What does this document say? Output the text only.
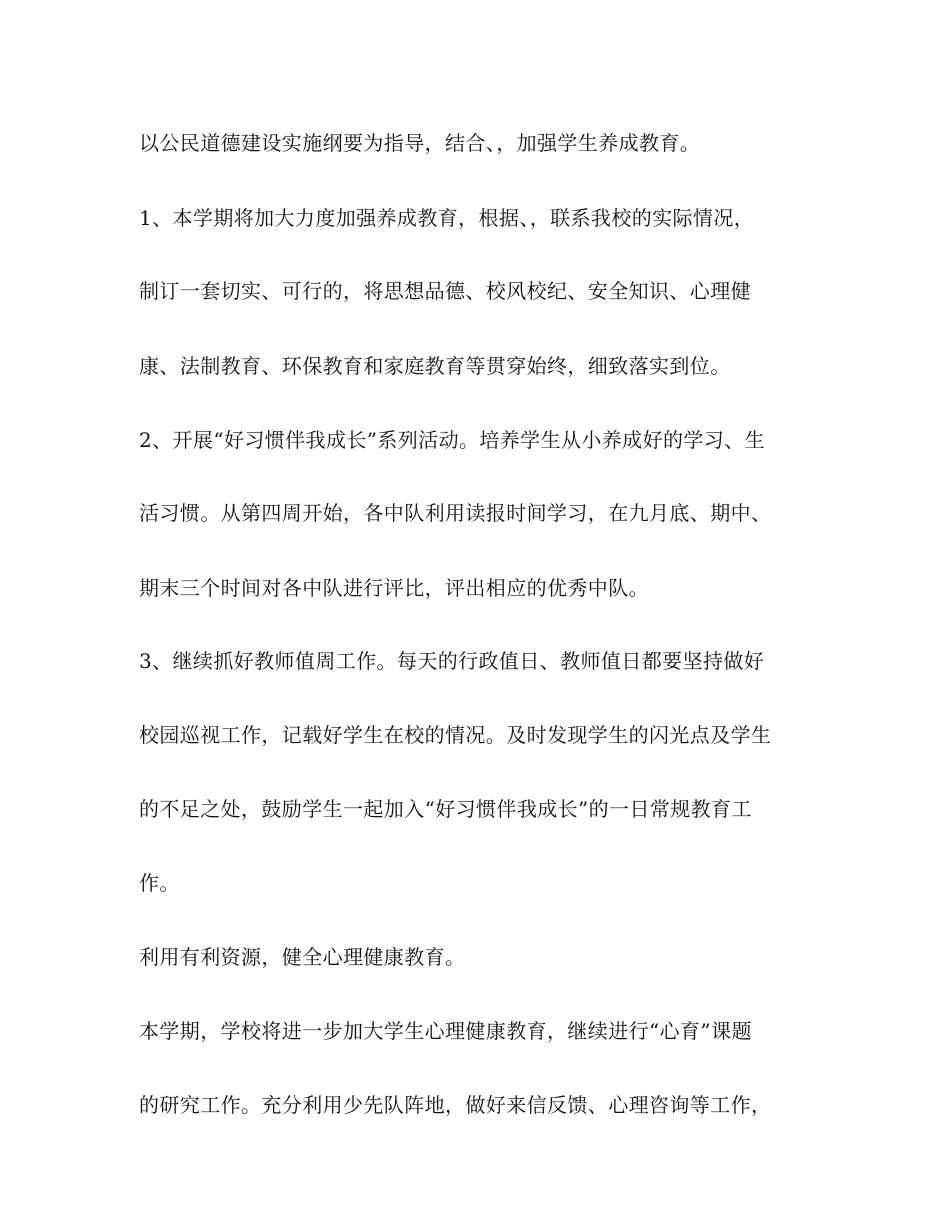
以公民道德建设实施纲要为指导，结合、，加强学生养成教育。
1、本学期将加大力度加强养成教育，根据、，联系我校的实际情况，
制订一套切实、可行的，将思想品德、校风校纪、安全知识、心理健
康、法制教育、环保教育和家庭教育等贯穿始终，细致落实到位。
2、开展“好习惯伴我成长”系列活动。培养学生从小养成好的学习、生
活习惯。从第四周开始，各中队利用读报时间学习，在九月底、期中、
期末三个时间对各中队进行评比，评出相应的优秀中队。
3、继续抓好教师值周工作。每天的行政值日、教师值日都要坚持做好
校园巡视工作，记载好学生在校的情况。及时发现学生的闪光点及学生
的不足之处，鼓励学生一起加入“好习惯伴我成长”的一日常规教育工
作。
利用有利资源，健全心理健康教育。
本学期，学校将进一步加大学生心理健康教育，继续进行“心育”课题
的研究工作。充分利用少先队阵地，做好来信反馈、心理咨询等工作，
